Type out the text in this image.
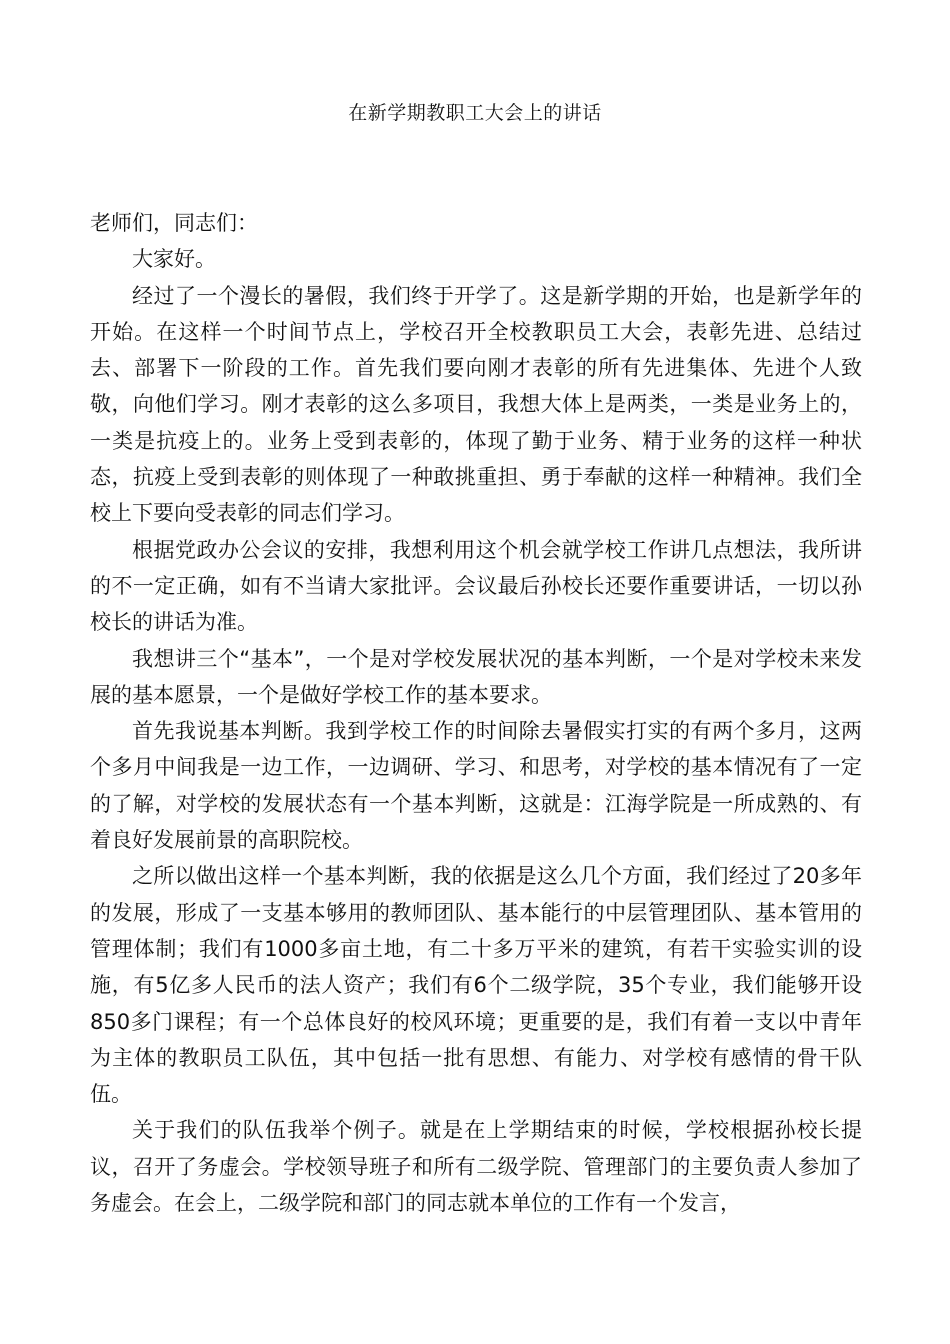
在新学期教职工大会上的讲话

老师们，同志们：

大家好。

经过了一个漫长的暑假，我们终于开学了。这是新学期的开始，也是新学年的开始。在这样一个时间节点上，学校召开全校教职员工大会，表彰先进、总结过去、部署下一阶段的工作。首先我们要向刚才表彰的所有先进集体、先进个人致敬，向他们学习。刚才表彰的这么多项目，我想大体上是两类，一类是业务上的，一类是抗疫上的。业务上受到表彰的，体现了勤于业务、精于业务的这样一种状态，抗疫上受到表彰的则体现了一种敢挑重担、勇于奉献的这样一种精神。我们全校上下要向受表彰的同志们学习。

根据党政办公会议的安排，我想利用这个机会就学校工作讲几点想法，我所讲的不一定正确，如有不当请大家批评。会议最后孙校长还要作重要讲话，一切以孙校长的讲话为准。

我想讲三个“基本”，一个是对学校发展状况的基本判断，一个是对学校未来发展的基本愿景，一个是做好学校工作的基本要求。

首先我说基本判断。我到学校工作的时间除去暑假实打实的有两个多月，这两个多月中间我是一边工作，一边调研、学习、和思考，对学校的基本情况有了一定的了解，对学校的发展状态有一个基本判断，这就是：江海学院是一所成熟的、有着良好发展前景的高职院校。

之所以做出这样一个基本判断，我的依据是这么几个方面，我们经过了20多年的发展，形成了一支基本够用的教师团队、基本能行的中层管理团队、基本管用的管理体制；我们有1000多亩土地，有二十多万平米的建筑，有若干实验实训的设施，有5亿多人民币的法人资产；我们有6个二级学院，35个专业，我们能够开设850多门课程；有一个总体良好的校风环境；更重要的是，我们有着一支以中青年为主体的教职员工队伍，其中包括一批有思想、有能力、对学校有感情的骨干队伍。

关于我们的队伍我举个例子。就是在上学期结束的时候，学校根据孙校长提议，召开了务虚会。学校领导班子和所有二级学院、管理部门的主要负责人参加了务虚会。在会上，二级学院和部门的同志就本单位的工作有一个发言，
